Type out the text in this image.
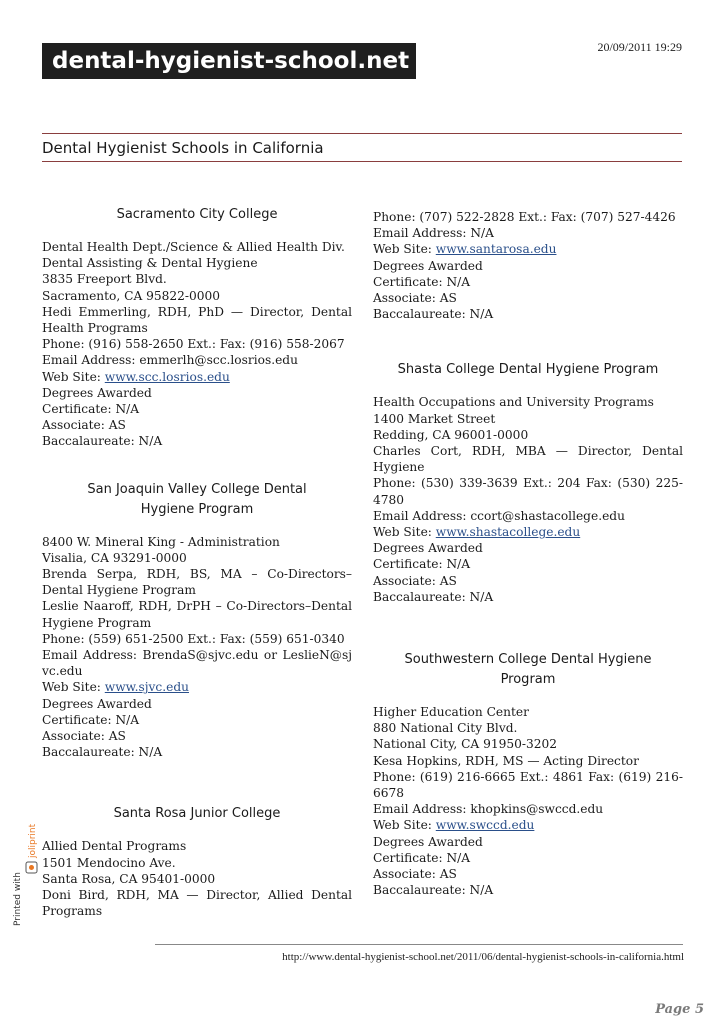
dental-hygienist-school.net
20/09/2011 19:29
Dental Hygienist Schools in California
Sacramento City College

Dental Health Dept./Science & Allied Health Div.

Dental Assisting & Dental Hygiene

3835 Freeport Blvd.

Sacramento, CA 95822-0000

Hedi Emmerling, RDH, PhD — Director, Dental Health Programs

Phone: (916) 558-2650 Ext.: Fax: (916) 558-2067

Email Address: emmerlh@scc.losrios.edu

Web Site: www.scc.losrios.edu

Degrees Awarded

Certificate: N/A

Associate: AS

Baccalaureate: N/A

San Joaquin Valley College Dental Hygiene Program

8400 W. Mineral King - Administration

Visalia, CA 93291-0000

Brenda Serpa, RDH, BS, MA – Co-Directors–Dental Hygiene Program

Leslie Naaroff, RDH, DrPH – Co-Directors–Dental Hygiene Program

Phone: (559) 651-2500 Ext.: Fax: (559) 651-0340

Email Address: BrendaS@sjvc.edu or LeslieN@sjvc.edu

Web Site: www.sjvc.edu

Degrees Awarded

Certificate: N/A

Associate: AS

Baccalaureate: N/A

Santa Rosa Junior College

Allied Dental Programs

1501 Mendocino Ave.

Santa Rosa, CA 95401-0000

Doni Bird, RDH, MA — Director, Allied Dental Programs

Phone: (707) 522-2828 Ext.: Fax: (707) 527-4426

Email Address: N/A

Web Site: www.santarosa.edu

Degrees Awarded

Certificate: N/A

Associate: AS

Baccalaureate: N/A

Shasta College Dental Hygiene Program

Health Occupations and University Programs

1400 Market Street

Redding, CA 96001-0000

Charles Cort, RDH, MBA — Director, Dental Hygiene

Phone: (530) 339-3639 Ext.: 204 Fax: (530) 225-4780

Email Address: ccort@shastacollege.edu

Web Site: www.shastacollege.edu

Degrees Awarded

Certificate: N/A

Associate: AS

Baccalaureate: N/A

Southwestern College Dental Hygiene Program

Higher Education Center

880 National City Blvd.

National City, CA 91950-3202

Kesa Hopkins, RDH, MS — Acting Director

Phone: (619) 216-6665 Ext.: 4861 Fax: (619) 216-6678

Email Address: khopkins@swccd.edu

Web Site: www.swccd.edu

Degrees Awarded

Certificate: N/A

Associate: AS

Baccalaureate: N/A

Printed with
joliprint
http://www.dental-hygienist-school.net/2011/06/dental-hygienist-schools-in-california.html
Page 5
